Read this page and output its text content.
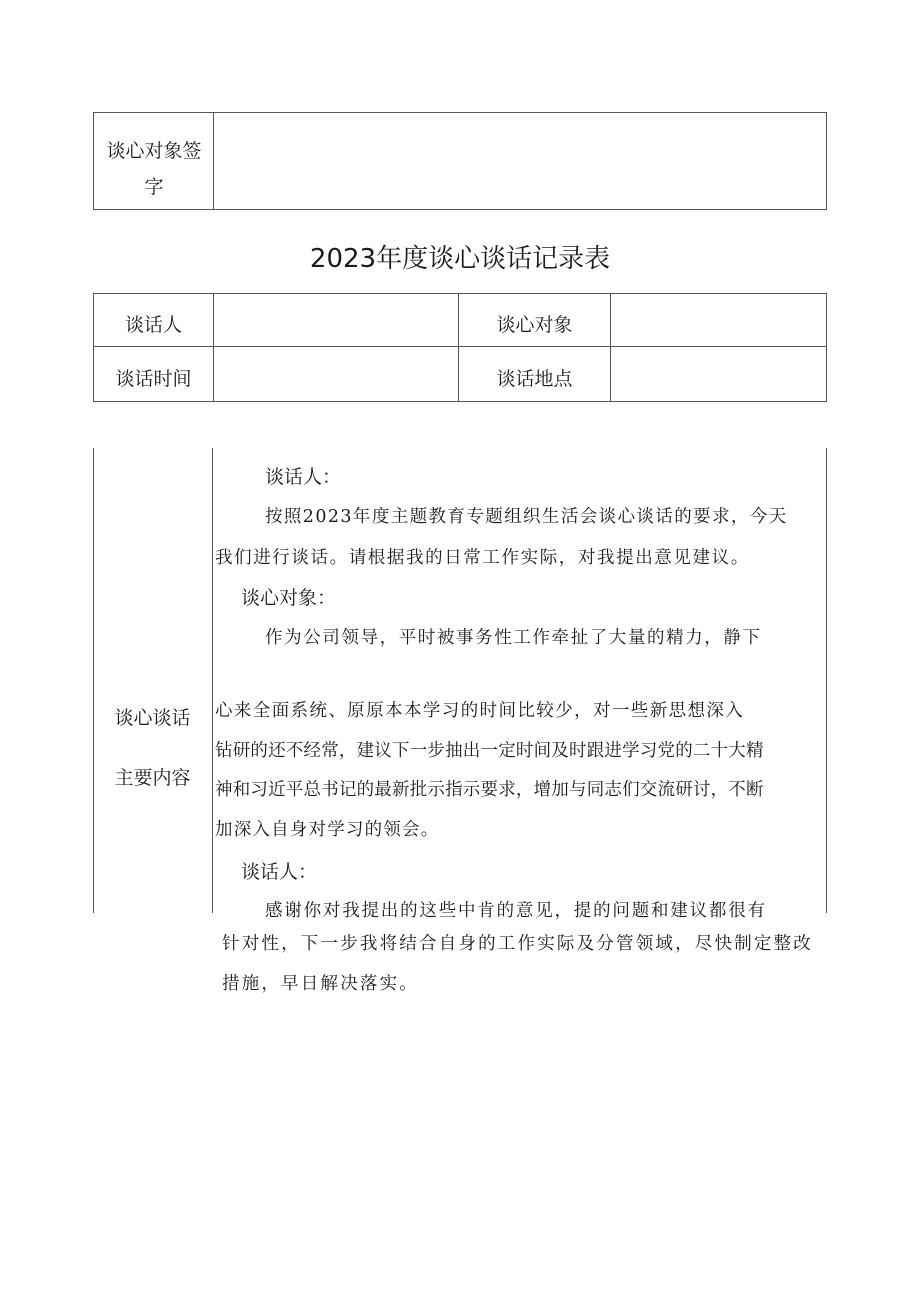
谈心对象签
字
2023年度谈心谈话记录表
谈话人	谈心对象
谈话时间	谈话地点
谈心谈话
主要内容
谈话人：
按照2023年度主题教育专题组织生活会谈心谈话的要求，今天
我们进行谈话。请根据我的日常工作实际，对我提出意见建议。
谈心对象：
作为公司领导，平时被事务性工作牵扯了大量的精力，静下
心来全面系统、原原本本学习的时间比较少，对一些新思想深入
钻研的还不经常，建议下一步抽出一定时间及时跟进学习党的二十大精
神和习近平总书记的最新批示指示要求，增加与同志们交流研讨，不断
加深入自身对学习的领会。
谈话人：
感谢你对我提出的这些中肯的意见，提的问题和建议都很有
针对性，下一步我将结合自身的工作实际及分管领域，尽快制定整改
措施，早日解决落实。
